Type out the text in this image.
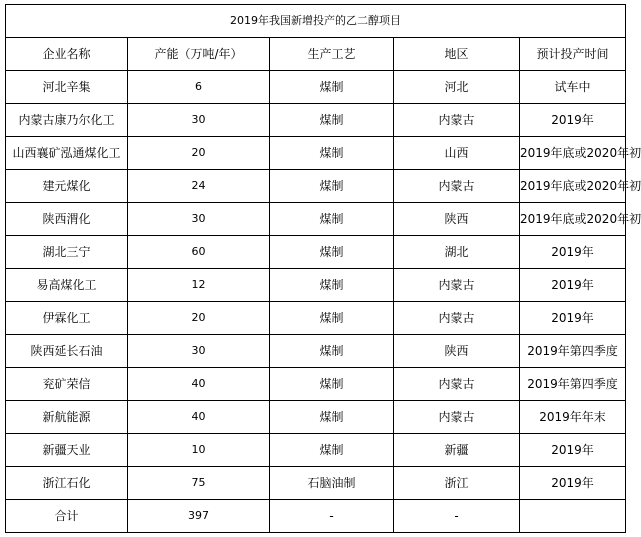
2019年我国新增投产的乙二醇项目				
企业名称	产能（万吨/年）	生产工艺	地区	预计投产时间
河北辛集	6	煤制	河北	试车中
内蒙古康乃尔化工	30	煤制	内蒙古	2019年
山西襄矿泓通煤化工	20	煤制	山西	2019年底或2020年初
建元煤化	24	煤制	内蒙古	2019年底或2020年初
陕西渭化	30	煤制	陕西	2019年底或2020年初
湖北三宁	60	煤制	湖北	2019年
易高煤化工	12	煤制	内蒙古	2019年
伊霖化工	20	煤制	内蒙古	2019年
陕西延长石油	30	煤制	陕西	2019年第四季度
兖矿荣信	40	煤制	内蒙古	2019年第四季度
新航能源	40	煤制	内蒙古	2019年年末
新疆天业	10	煤制	新疆	2019年
浙江石化	75	石脑油制	浙江	2019年
合计	397	-	-	
